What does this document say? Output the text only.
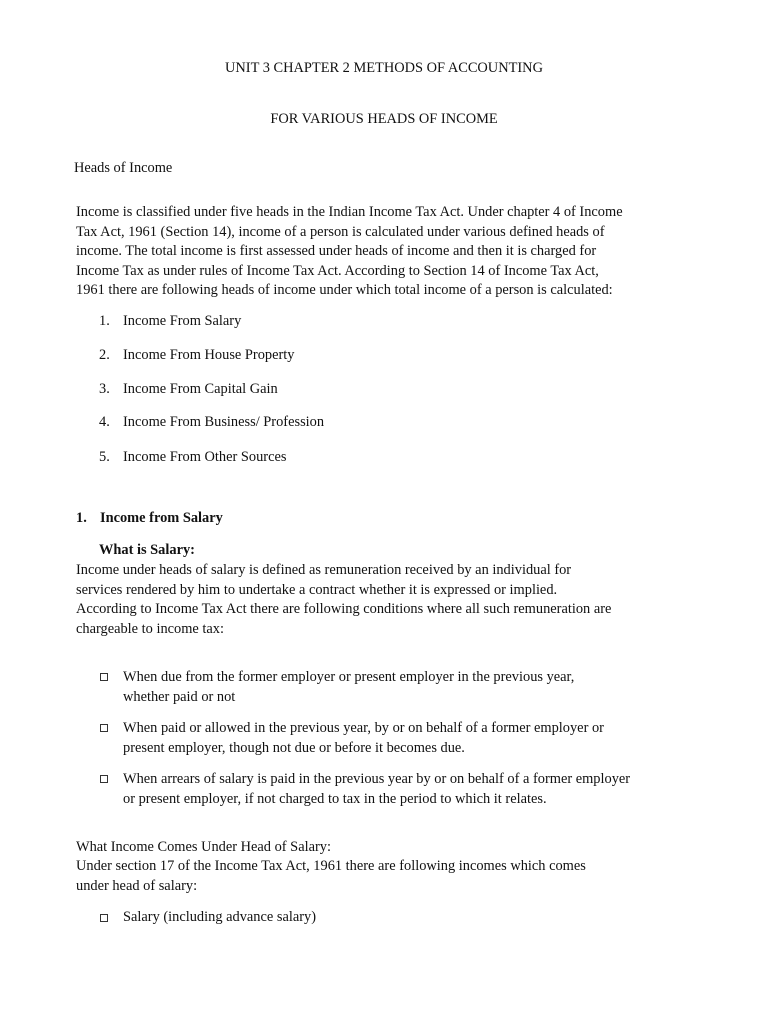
UNIT 3 CHAPTER 2 METHODS OF ACCOUNTING
FOR VARIOUS HEADS OF INCOME
Heads of Income
Income is classified under five heads in the Indian Income Tax Act. Under chapter 4 of Income
Tax Act, 1961 (Section 14), income of a person is calculated under various defined heads of
income. The total income is first assessed under heads of income and then it is charged for
Income Tax as under rules of Income Tax Act. According to Section 14 of Income Tax Act,
1961 there are following heads of income under which total income of a person is calculated:
1. Income From Salary
2. Income From House Property
3. Income From Capital Gain
4. Income From Business/ Profession
5. Income From Other Sources
1. Income from Salary
What is Salary:
Income under heads of salary is defined as remuneration received by an individual for
services rendered by him to undertake a contract whether it is expressed or implied.
According to Income Tax Act there are following conditions where all such remuneration are
chargeable to income tax:
When due from the former employer or present employer in the previous year,
whether paid or not
When paid or allowed in the previous year, by or on behalf of a former employer or
present employer, though not due or before it becomes due.
When arrears of salary is paid in the previous year by or on behalf of a former employer
or present employer, if not charged to tax in the period to which it relates.
What Income Comes Under Head of Salary:
Under section 17 of the Income Tax Act, 1961 there are following incomes which comes
under head of salary:
Salary (including advance salary)
